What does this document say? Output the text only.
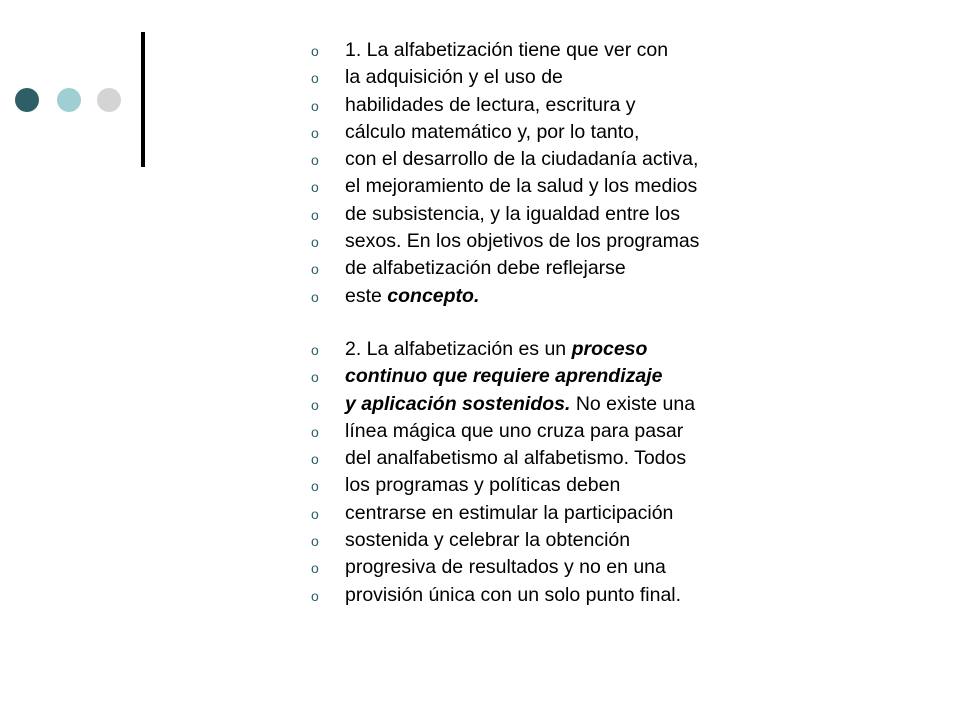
o	1. La alfabetización tiene que ver con
o	la adquisición y el uso de
o	habilidades de lectura, escritura y
o	cálculo matemático y, por lo tanto,
o	con el desarrollo de la ciudadanía activa,
o	el mejoramiento de la salud y los medios
o	de subsistencia, y la igualdad entre los
o	sexos. En los objetivos de los programas
o	de alfabetización debe reflejarse
o	este concepto.
o	2. La alfabetización es un proceso
o	continuo que requiere aprendizaje
o	y aplicación sostenidos. No existe una
o	línea mágica que uno cruza para pasar
o	del analfabetismo al alfabetismo. Todos
o	los programas y políticas deben
o	centrarse en estimular la participación
o	sostenida y celebrar la obtención
o	progresiva de resultados y no en una
o	provisión única con un solo punto final.
